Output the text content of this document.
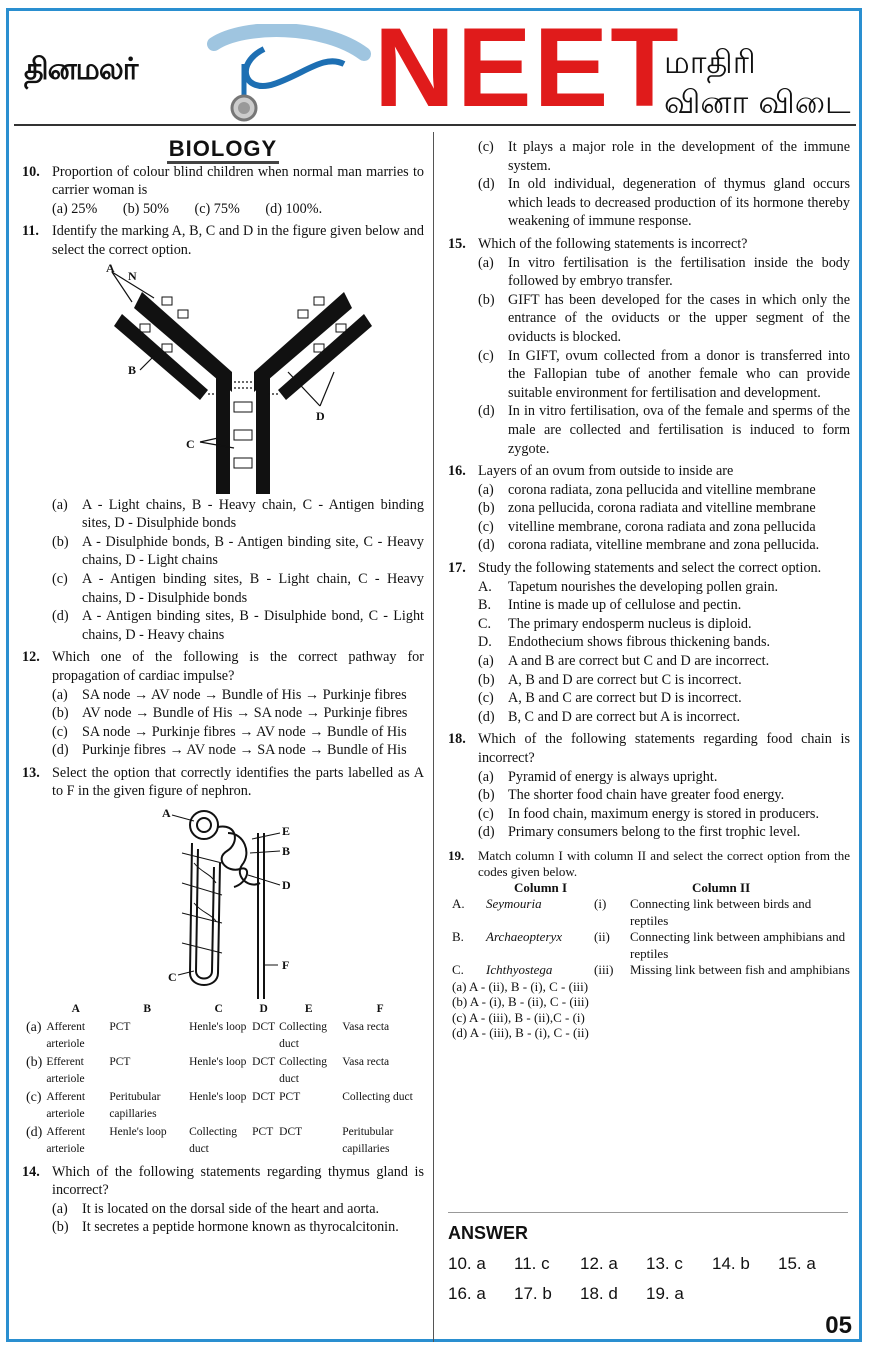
தினமலர் NEET
மாதிரி
வினா விடை
BIOLOGY
10. Proportion of colour blind children when normal man marries to carrier woman is
(a) 25% (b) 50% (c) 75% (d) 100%.
11. Identify the marking A, B, C and D in the figure given below and select the correct option.
A
N
B
C
D
(a)	A - Light chains, B - Heavy chain, C - Antigen binding sites, D - Disulphide bonds
(b) A - Disulphide bonds, B - Antigen binding site, C - Heavy chains, D - Light chains
(c)	A - Antigen binding sites, B - Light chain, C - Heavy chains, D - Disulphide bonds
(d) A - Antigen binding sites, B - Disulphide bond, C - Light chains, D - Heavy chains
12. Which one of the following is the correct pathway for propagation of cardiac impulse?
(a)	SA node → AV node → Bundle of His → Purkinje fibres
(b) AV node → Bundle of His → SA node → Purkinje fibres
(c)	SA node → Purkinje fibres → AV node → Bundle of His
(d) Purkinje fibres → AV node → SA node → Bundle of His
13. Select the option that correctly identifies the parts labelled as A to F in the given figure of nephron.
A
E
B
D
C
F
	A	B	C	D	E	F
(a)	Afferent arteriole	PCT	Henle's loop	DCT	Collecting duct	Vasa recta
(b)	Efferent arteriole	PCT	Henle's loop	DCT	Collecting duct	Vasa recta
(c)	Afferent arteriole	Peritubular capillaries	Henle's loop	DCT	PCT	Collecting duct
(d)	Afferent arteriole	Henle's loop	Collecting duct	PCT	DCT	Peritubular capillaries
14. Which of the following statements regarding thymus gland is incorrect?
(a)	It is located on the dorsal side of the heart and aorta.
(b) It secretes a peptide hormone known as thyrocalcitonin.
(c)	It plays a major role in the development of the immune system.
(d) In old individual, degeneration of thymus gland occurs which leads to decreased production of its hormone thereby weakening of immune response.
15. Which of the following statements is incorrect?
(a)	In vitro fertilisation is the fertilisation inside the body followed by embryo transfer.
(b) GIFT has been developed for the cases in which only the entrance of the oviducts or the upper segment of the oviducts is blocked.
(c)	In GIFT, ovum collected from a donor is transferred into the Fallopian tube of another female who can provide suitable environment for fertilisation and development.
(d) In in vitro fertilisation, ova of the female and sperms of the male are collected and fertilisation is induced to form zygote.
16. Layers of an ovum from outside to inside are
(a)	corona radiata, zona pellucida and vitelline membrane
(b) zona pellucida, corona radiata and vitelline membrane
(c)	vitelline membrane, corona radiata and zona pellucida
(d) corona radiata, vitelline membrane and zona pellucida.
17. Study the following statements and select the correct option.
A.	Tapetum nourishes the developing pollen grain.
B.	Intine is made up of cellulose and pectin.
C.	The primary endosperm nucleus is diploid.
D.	Endothecium shows fibrous thickening bands.
(a)	A and B are correct but C and D are incorrect.
(b) A, B and D are correct but C is incorrect.
(c)	A, B and C are correct but D is incorrect.
(d) B, C and D are correct but A is incorrect.
18. Which of the following statements regarding food chain is incorrect?
(a)	Pyramid of energy is always upright.
(b) The shorter food chain have greater food energy.
(c)	In food chain, maximum energy is stored in producers.
(d) Primary consumers belong to the first trophic level.
19.	Match column I with column II and select the correct option from the codes given below.
Column I	Column II
A.	Seymouria	(i)	Connecting link between birds and reptiles
B.	Archaeopteryx	(ii)	Connecting link between amphibians and reptiles
C.	Ichthyostega	(iii)	Missing link between fish and amphibians
(a) A - (ii), B - (i), C - (iii)
(b) A - (i), B - (ii), C - (iii)
(c) A - (iii), B - (ii),C - (i)
(d) A - (iii), B - (i), C - (ii)
ANSWER
10. a	11. c	12. a	13. c	14. b	15. a
16. a	17. b	18. d	19. a
05
